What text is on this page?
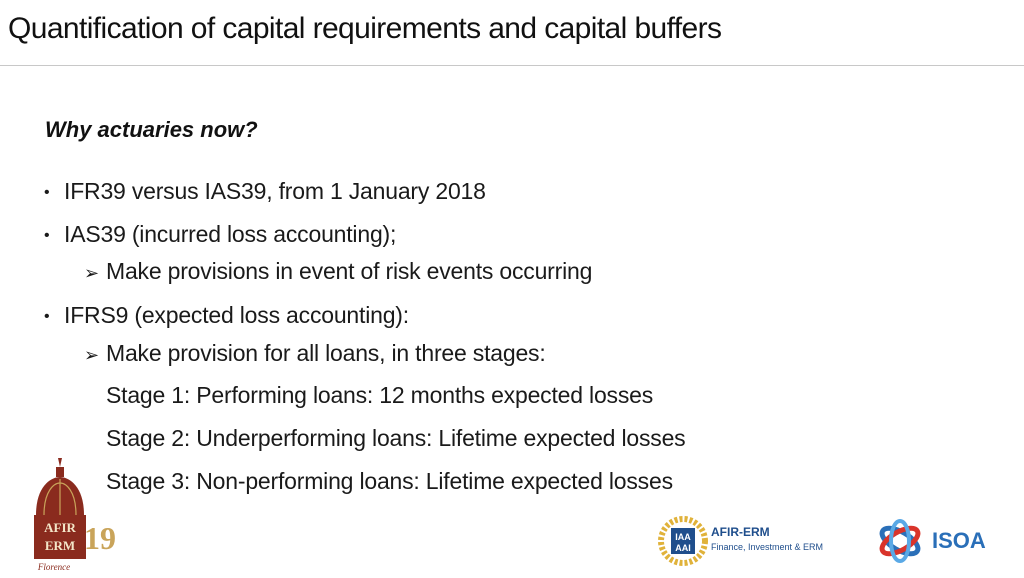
Quantification of capital requirements and capital buffers
Why actuaries now?
• IFR39 versus IAS39, from 1 January 2018
• IAS39 (incurred loss accounting);
➢ Make provisions in event of risk events occurring
• IFRS9 (expected loss accounting):
➢ Make provision for all loans, in three stages:
Stage 1: Performing loans: 12 months expected losses
Stage 2: Underperforming loans: Lifetime expected losses
Stage 3: Non-performing loans: Lifetime expected losses
AFIR
ERM 19
Florence
IAA
AAI
AFIR-ERM
Finance, Investment & ERM	ISOA
